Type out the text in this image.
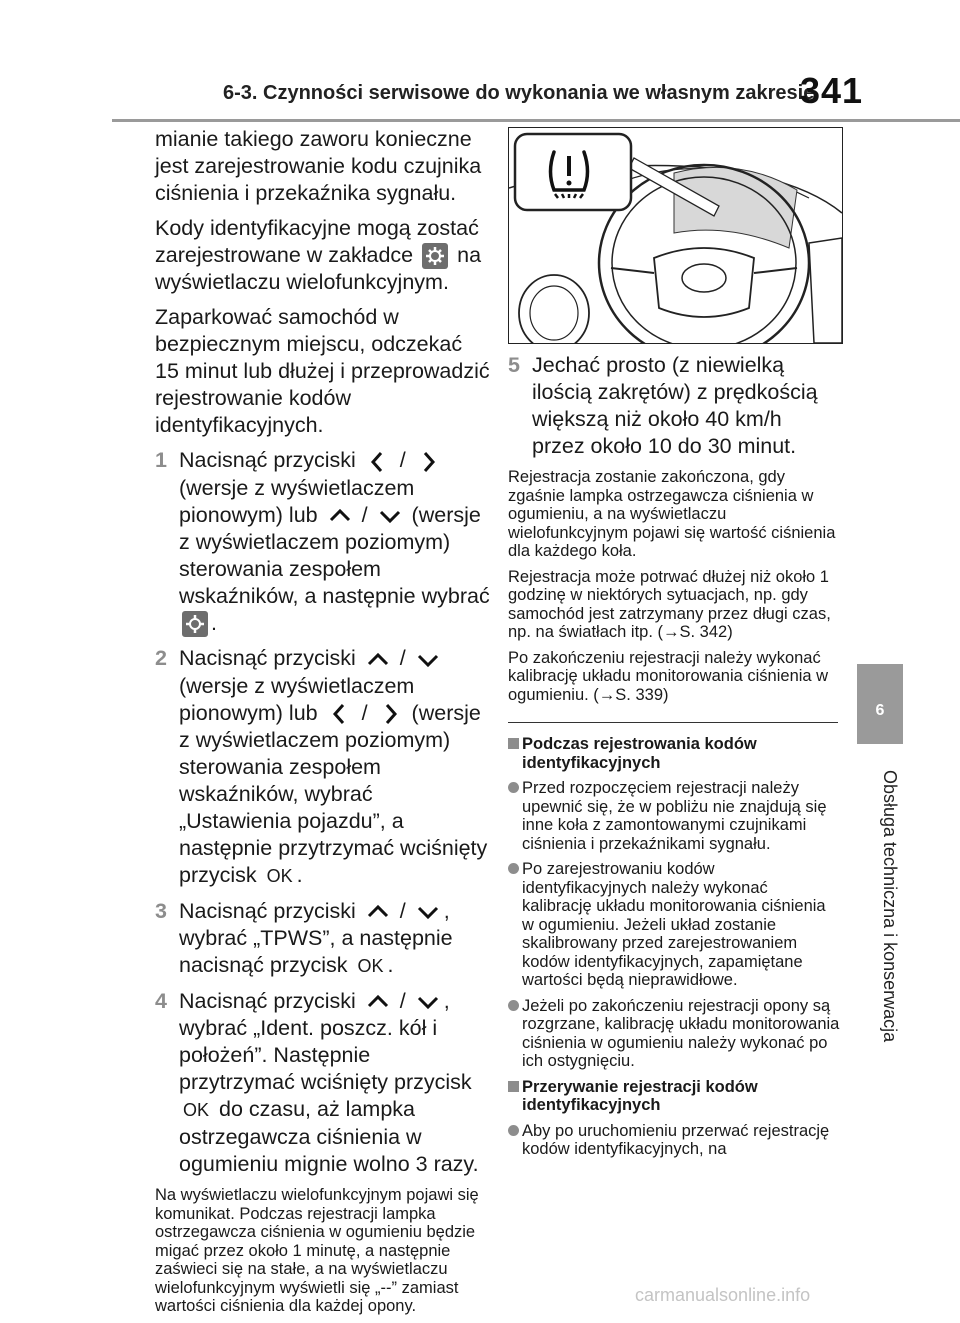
6-3. Czynności serwisowe do wykonania we własnym zakresie
341
6
Obsługa techniczna i konserwacja

mianie takiego zaworu konieczne jest zarejestrowanie kodu czujnika ciśnienia i przekaźnika sygnału.

Kody identyfikacyjne mogą zostać zarejestrowane w zakładce na
wyświetlaczu wielofunkcyjnym.

Zaparkować samochód w bezpiecznym miejscu, odczekać 15 minut lub dłużej i przeprowadzić rejestrowanie kodów identyfikacyjnych.

1 Nacisnąć przyciski /  (wersje z wyświetlaczem pionowym) lub / (wersje z wyświetlaczem poziomym) sterowania zespołem wskaźników, a następnie wybrać
.
2 Nacisnąć przyciski /  (wersje z wyświetlaczem pionowym) lub / (wersje z wyświetlaczem poziomym) sterowania zespołem wskaźników, wybrać „Ustawienia pojazdu”, a następnie przytrzymać wciśnięty przycisk OK .
3 Nacisnąć przyciski / , wybrać „TPWS”, a następnie nacisnąć przycisk OK .
4 Nacisnąć przyciski / , wybrać „Ident. poszcz. kół i położeń”. Następnie przytrzymać wciśnięty przycisk OK do czasu, aż lampka ostrzegawcza ciśnienia w ogumieniu mignie wolno 3 razy.

Na wyświetlaczu wielofunkcyjnym pojawi się komunikat. Podczas rejestracji lampka ostrzegawcza ciśnienia w ogumieniu będzie migać przez około 1 minutę, a następnie zaświeci się na stałe, a na wyświetlaczu wielofunkcyjnym wyświetli się „--” zamiast wartości ciśnienia dla każdej opony.

5 Jechać prosto (z niewielką ilością zakrętów) z prędkością większą niż około 40 km/h przez około 10 do 30 minut.

Rejestracja zostanie zakończona, gdy zgaśnie lampka ostrzegawcza ciśnienia w ogumieniu, a na wyświetlaczu wielofunkcyjnym pojawi się wartość ciśnienia dla każdego koła.

Rejestracja może potrwać dłużej niż około 1 godzinę w niektórych sytuacjach, np. gdy samochód jest zatrzymany przez długi czas, np. na światłach itp. (→S. 342)

Po zakończeniu rejestracji należy wykonać kalibrację układu monitorowania ciśnienia w ogumieniu. (→S. 339)

Podczas rejestrowania kodów identyfikacyjnych
Przed rozpoczęciem rejestracji należy upewnić się, że w pobliżu nie znajdują się inne koła z zamontowanymi czujnikami ciśnienia i przekaźnikami sygnału.
Po zarejestrowaniu kodów identyfikacyjnych należy wykonać kalibrację układu monitorowania ciśnienia w ogumieniu. Jeżeli układ zostanie skalibrowany przed zarejestrowaniem kodów identyfikacyjnych, zapamiętane wartości będą nieprawidłowe.
Jeżeli po zakończeniu rejestracji opony są rozgrzane, kalibrację układu monitorowania ciśnienia w ogumieniu należy wykonać po ich ostygnięciu.
Przerywanie rejestracji kodów identyfikacyjnych
Aby po uruchomieniu przerwać rejestrację kodów identyfikacyjnych, na
carmanualsonline.info
